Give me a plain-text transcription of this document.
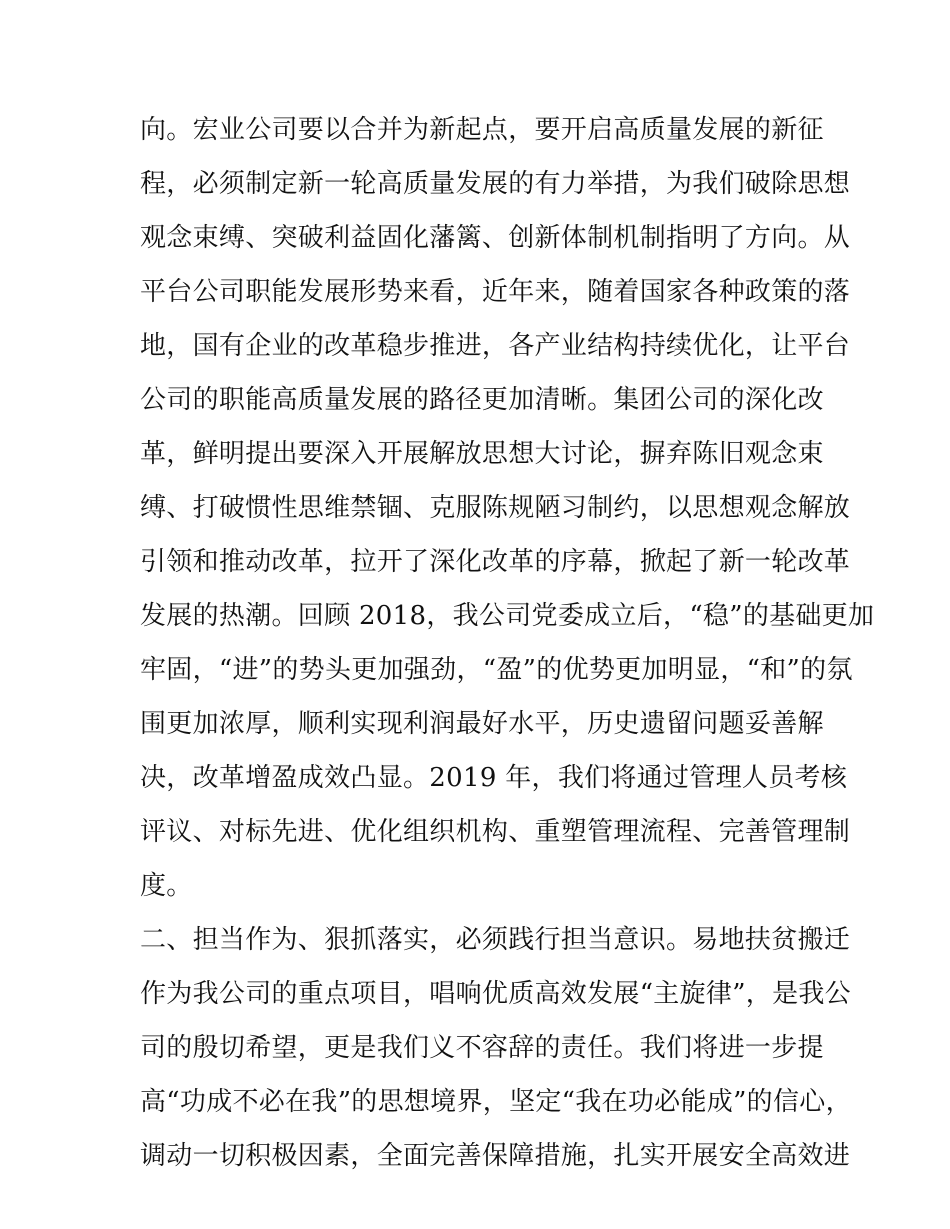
向。宏业公司要以合并为新起点，要开启高质量发展的新征
程，必须制定新一轮高质量发展的有力举措，为我们破除思想
观念束缚、突破利益固化藩篱、创新体制机制指明了方向。从
平台公司职能发展形势来看，近年来，随着国家各种政策的落
地，国有企业的改革稳步推进，各产业结构持续优化，让平台
公司的职能高质量发展的路径更加清晰。集团公司的深化改
革，鲜明提出要深入开展解放思想大讨论，摒弃陈旧观念束
缚、打破惯性思维禁锢、克服陈规陋习制约，以思想观念解放
引领和推动改革，拉开了深化改革的序幕，掀起了新一轮改革
发展的热潮。回顾 2018，我公司党委成立后，“稳”的基础更加
牢固，“进”的势头更加强劲，“盈”的优势更加明显，“和”的氛
围更加浓厚，顺利实现利润最好水平，历史遗留问题妥善解
决，改革增盈成效凸显。2019 年，我们将通过管理人员考核
评议、对标先进、优化组织机构、重塑管理流程、完善管理制
度。
二、担当作为、狠抓落实，必须践行担当意识。易地扶贫搬迁
作为我公司的重点项目，唱响优质高效发展“主旋律”，是我公
司的殷切希望，更是我们义不容辞的责任。我们将进一步提
高“功成不必在我”的思想境界，坚定“我在功必能成”的信心，
调动一切积极因素，全面完善保障措施，扎实开展安全高效进
